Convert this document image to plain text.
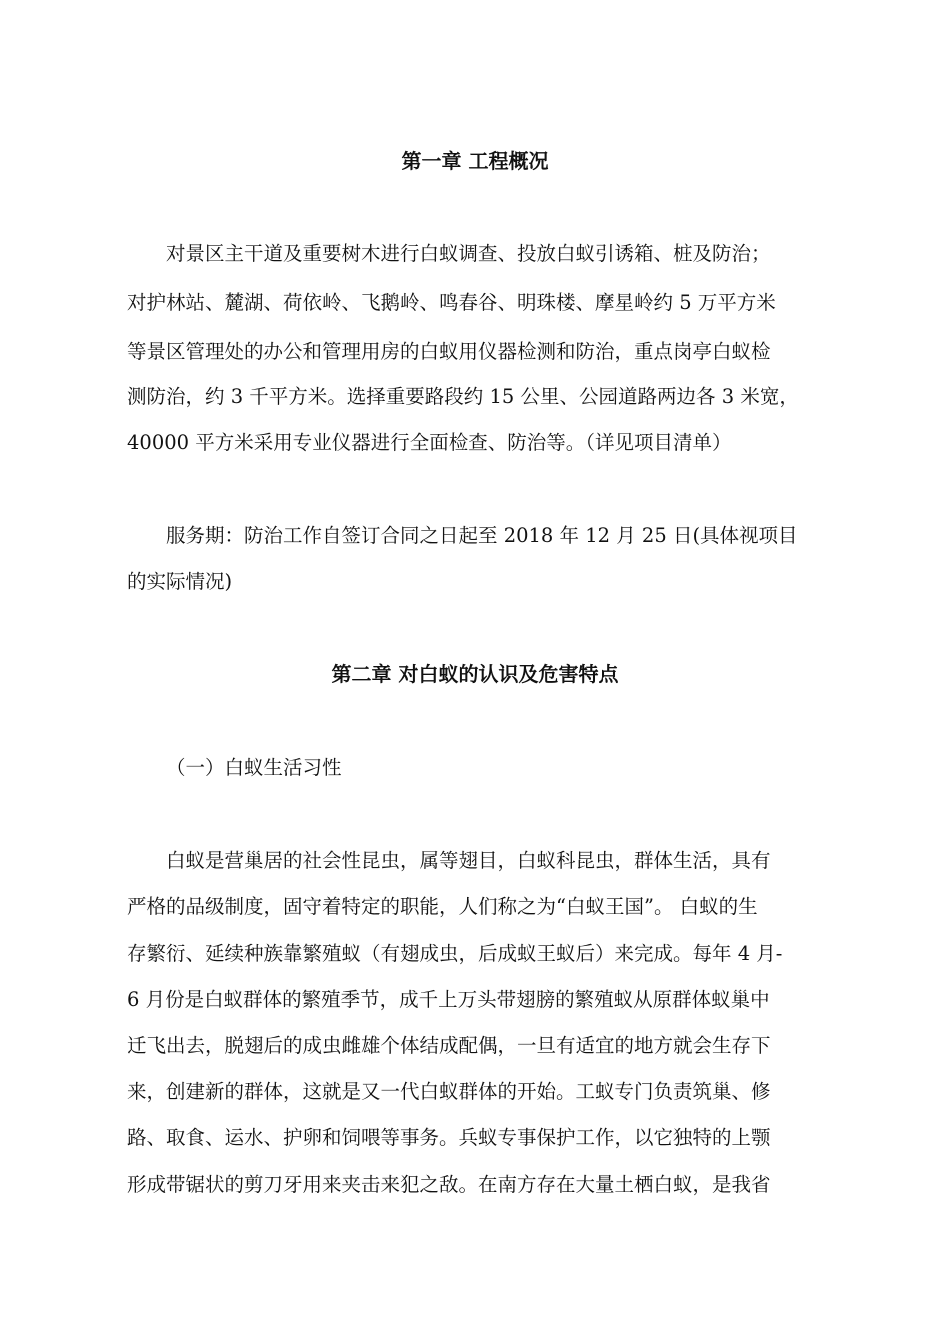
第一章 工程概况
对景区主干道及重要树木进行白蚁调查、投放白蚁引诱箱、桩及防治；
对护林站、麓湖、荷依岭、飞鹅岭、鸣春谷、明珠楼、摩星岭约 5 万平方米
等景区管理处的办公和管理用房的白蚁用仪器检测和防治，重点岗亭白蚁检
测防治，约 3 千平方米。选择重要路段约 15 公里、公园道路两边各 3 米宽，
40000 平方米采用专业仪器进行全面检查、防治等。（详见项目清单）
服务期：防治工作自签订合同之日起至 2018 年 12 月 25 日(具体视项目
的实际情况)
第二章 对白蚁的认识及危害特点
（一）白蚁生活习性
白蚁是营巢居的社会性昆虫，属等翅目，白蚁科昆虫，群体生活，具有
严格的品级制度，固守着特定的职能，人们称之为“白蚁王国”。 白蚁的生
存繁衍、延续种族靠繁殖蚁（有翅成虫，后成蚁王蚁后）来完成。每年 4 月-
6 月份是白蚁群体的繁殖季节，成千上万头带翅膀的繁殖蚁从原群体蚁巢中
迁飞出去，脱翅后的成虫雌雄个体结成配偶，一旦有适宜的地方就会生存下
来，创建新的群体，这就是又一代白蚁群体的开始。工蚁专门负责筑巢、修
路、取食、运水、护卵和饲喂等事务。兵蚁专事保护工作，以它独特的上颚
形成带锯状的剪刀牙用来夹击来犯之敌。在南方存在大量土栖白蚁，是我省
